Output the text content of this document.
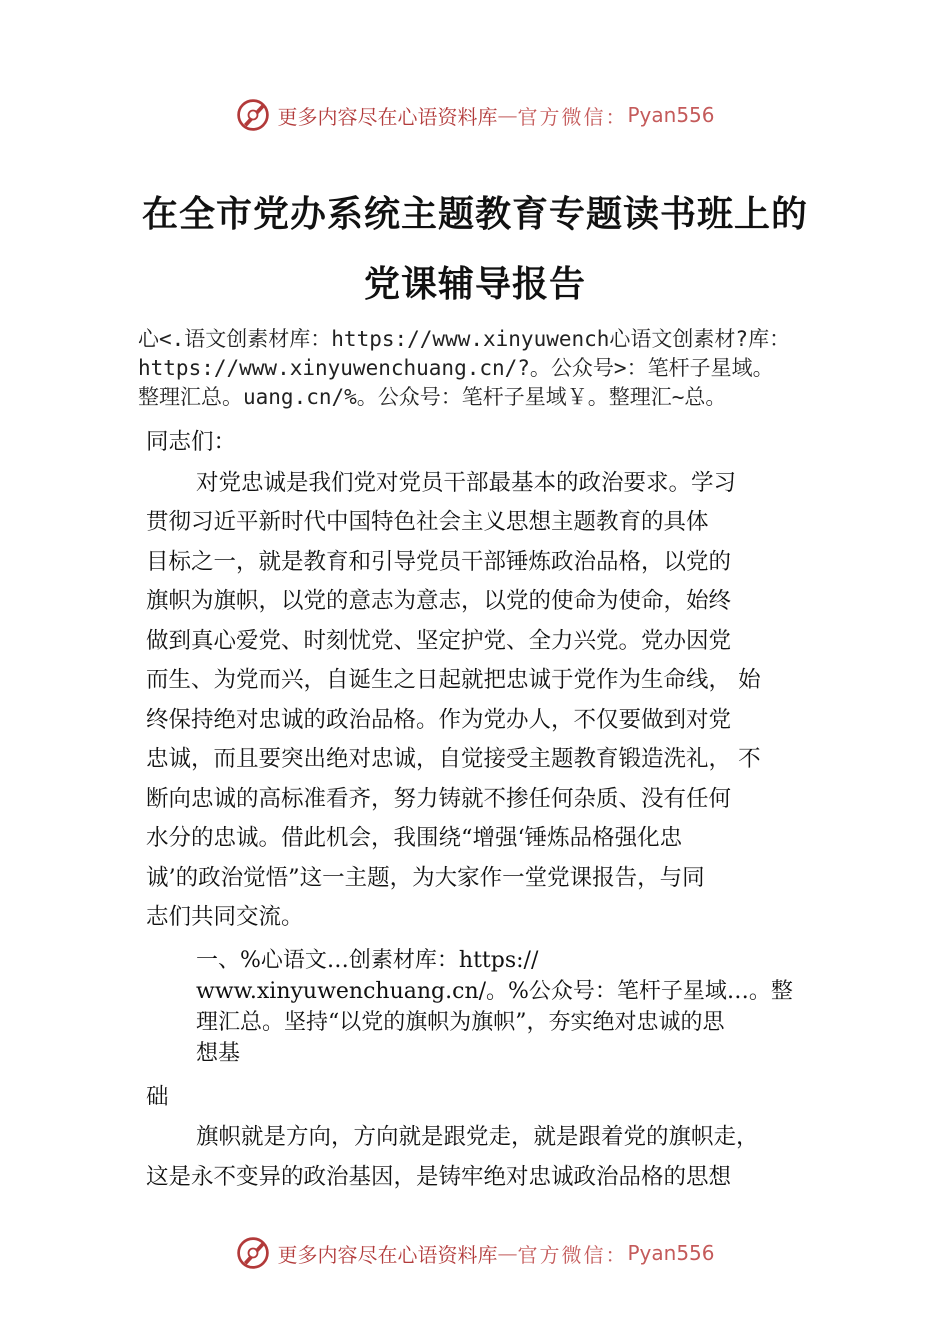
更多内容尽在心语资料库 — 官方微信： Pyan556
在全市党办系统主题教育专题读书班上的
党课辅导报告
心<.语文创素材库：https://www.xinyuwench心语文创素材?库：
https://www.xinyuwenchuang.cn/?。公众号>：笔杆子星域。
整理汇总。uang.cn/%。公众号：笔杆子星域￥。整理汇~总。
同志们：
对党忠诚是我们党对党员干部最基本的政治要求。学习
贯彻习近平新时代中国特色社会主义思想主题教育的具体
目标之一，就是教育和引导党员干部锤炼政治品格，以党的
旗帜为旗帜，以党的意志为意志，以党的使命为使命，始终
做到真心爱党、时刻忧党、坚定护党、全力兴党。党办因党
而生、为党而兴，自诞生之日起就把忠诚于党作为生命线， 始
终保持绝对忠诚的政治品格。作为党办人，不仅要做到对党
忠诚，而且要突出绝对忠诚，自觉接受主题教育锻造洗礼， 不
断向忠诚的高标准看齐，努力铸就不掺任何杂质、没有任何
水分的忠诚。借此机会，我围绕“增强‘锤炼品格强化忠
诚’的政治觉悟”这一主题，为大家作一堂党课报告，与同
志们共同交流。
一、%心语文…创素材库：https://
www.xinyuwenchuang.cn/。%公众号：笔杆子星域…。整
理汇总。坚持“以党的旗帜为旗帜”，夯实绝对忠诚的思
想基
础
旗帜就是方向，方向就是跟党走，就是跟着党的旗帜走，
这是永不变异的政治基因，是铸牢绝对忠诚政治品格的思想
更多内容尽在心语资料库 — 官方微信： Pyan556
